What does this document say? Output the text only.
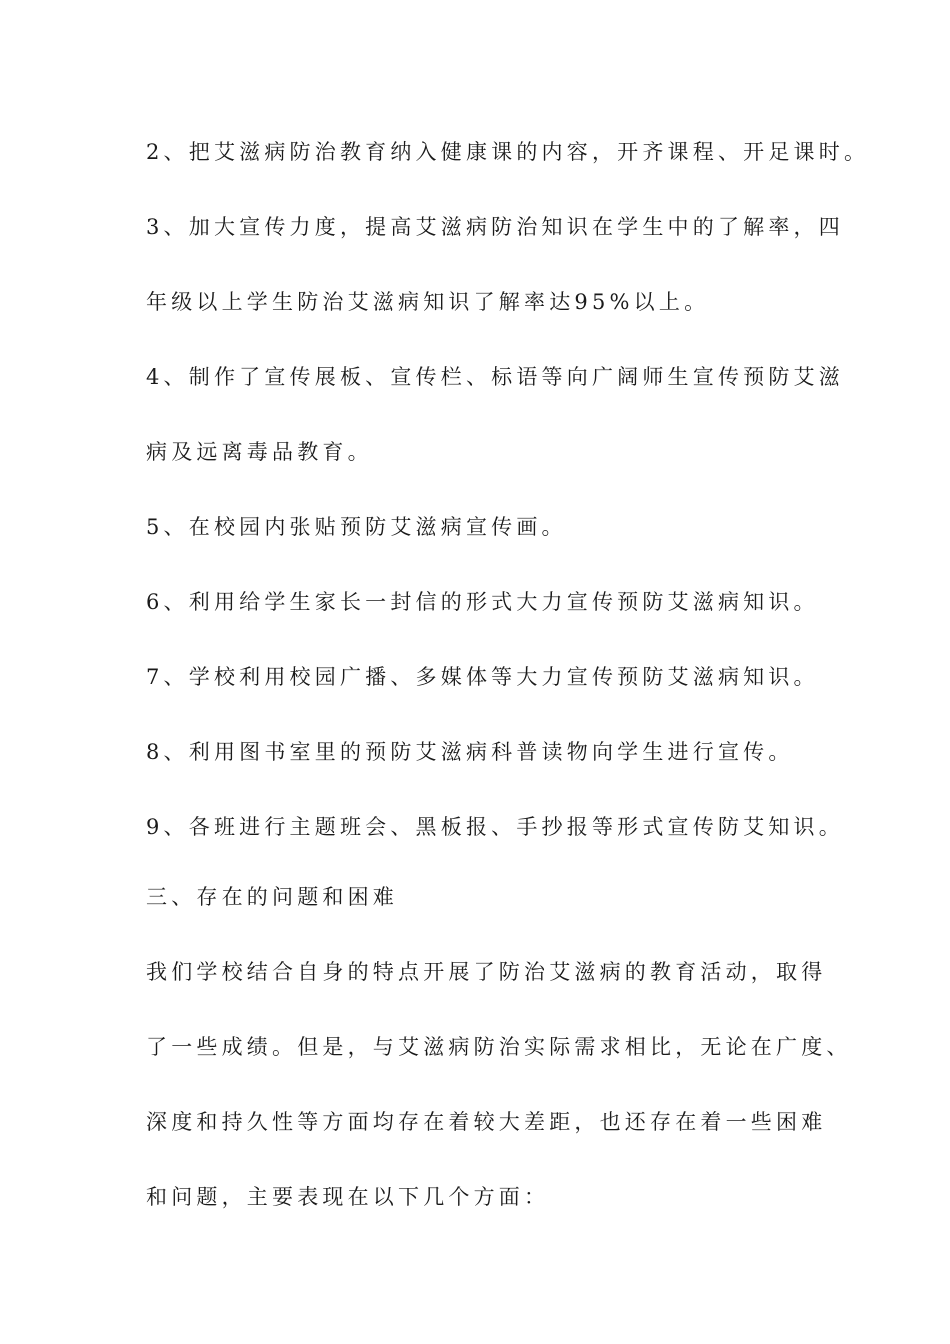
2、把艾滋病防治教育纳入健康课的内容，开齐课程、开足课时。

3、加大宣传力度，提高艾滋病防治知识在学生中的了解率，四

年级以上学生防治艾滋病知识了解率达95%以上。

4、制作了宣传展板、宣传栏、标语等向广阔师生宣传预防艾滋

病及远离毒品教育。

5、在校园内张贴预防艾滋病宣传画。

6、利用给学生家长一封信的形式大力宣传预防艾滋病知识。

7、学校利用校园广播、多媒体等大力宣传预防艾滋病知识。

8、利用图书室里的预防艾滋病科普读物向学生进行宣传。

9、各班进行主题班会、黑板报、手抄报等形式宣传防艾知识。

三、存在的问题和困难

我们学校结合自身的特点开展了防治艾滋病的教育活动，取得

了一些成绩。但是，与艾滋病防治实际需求相比，无论在广度、

深度和持久性等方面均存在着较大差距，也还存在着一些困难

和问题，主要表现在以下几个方面：
